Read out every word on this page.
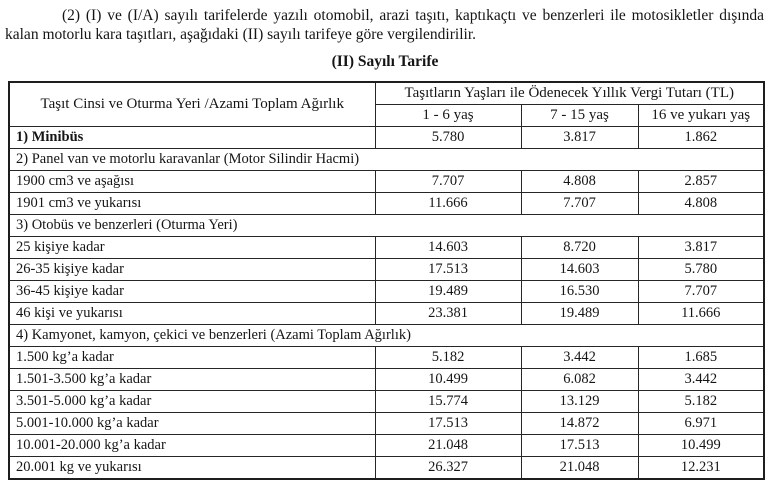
(2) (I) ve (I/A) sayılı tarifelerde yazılı otomobil, arazi taşıtı, kaptıkaçtı ve benzerleri ile motosikletler dışında kalan motorlu kara taşıtları, aşağıdaki (II) sayılı tarifeye göre vergilendirilir.

(II) Sayılı Tarife
Taşıt Cinsi ve Oturma Yeri /Azami Toplam Ağırlık	Taşıtların Yaşları ile Ödenecek Yıllık Vergi Tutarı (TL)		
	1 - 6 yaş	7 - 15 yaş	16 ve yukarı yaş
1) Minibüs	5.780	3.817	1.862
2) Panel van ve motorlu karavanlar (Motor Silindir Hacmi)			
1900 cm3 ve aşağısı	7.707	4.808	2.857
1901 cm3 ve yukarısı	11.666	7.707	4.808
3) Otobüs ve benzerleri (Oturma Yeri)			
25 kişiye kadar	14.603	8.720	3.817
26-35 kişiye kadar	17.513	14.603	5.780
36-45 kişiye kadar	19.489	16.530	7.707
46 kişi ve yukarısı	23.381	19.489	11.666
4) Kamyonet, kamyon, çekici ve benzerleri (Azami Toplam Ağırlık)			
1.500 kg’a kadar	5.182	3.442	1.685
1.501-3.500 kg’a kadar	10.499	6.082	3.442
3.501-5.000 kg’a kadar	15.774	13.129	5.182
5.001-10.000 kg’a kadar	17.513	14.872	6.971
10.001-20.000 kg’a kadar	21.048	17.513	10.499
20.001 kg ve yukarısı	26.327	21.048	12.231
